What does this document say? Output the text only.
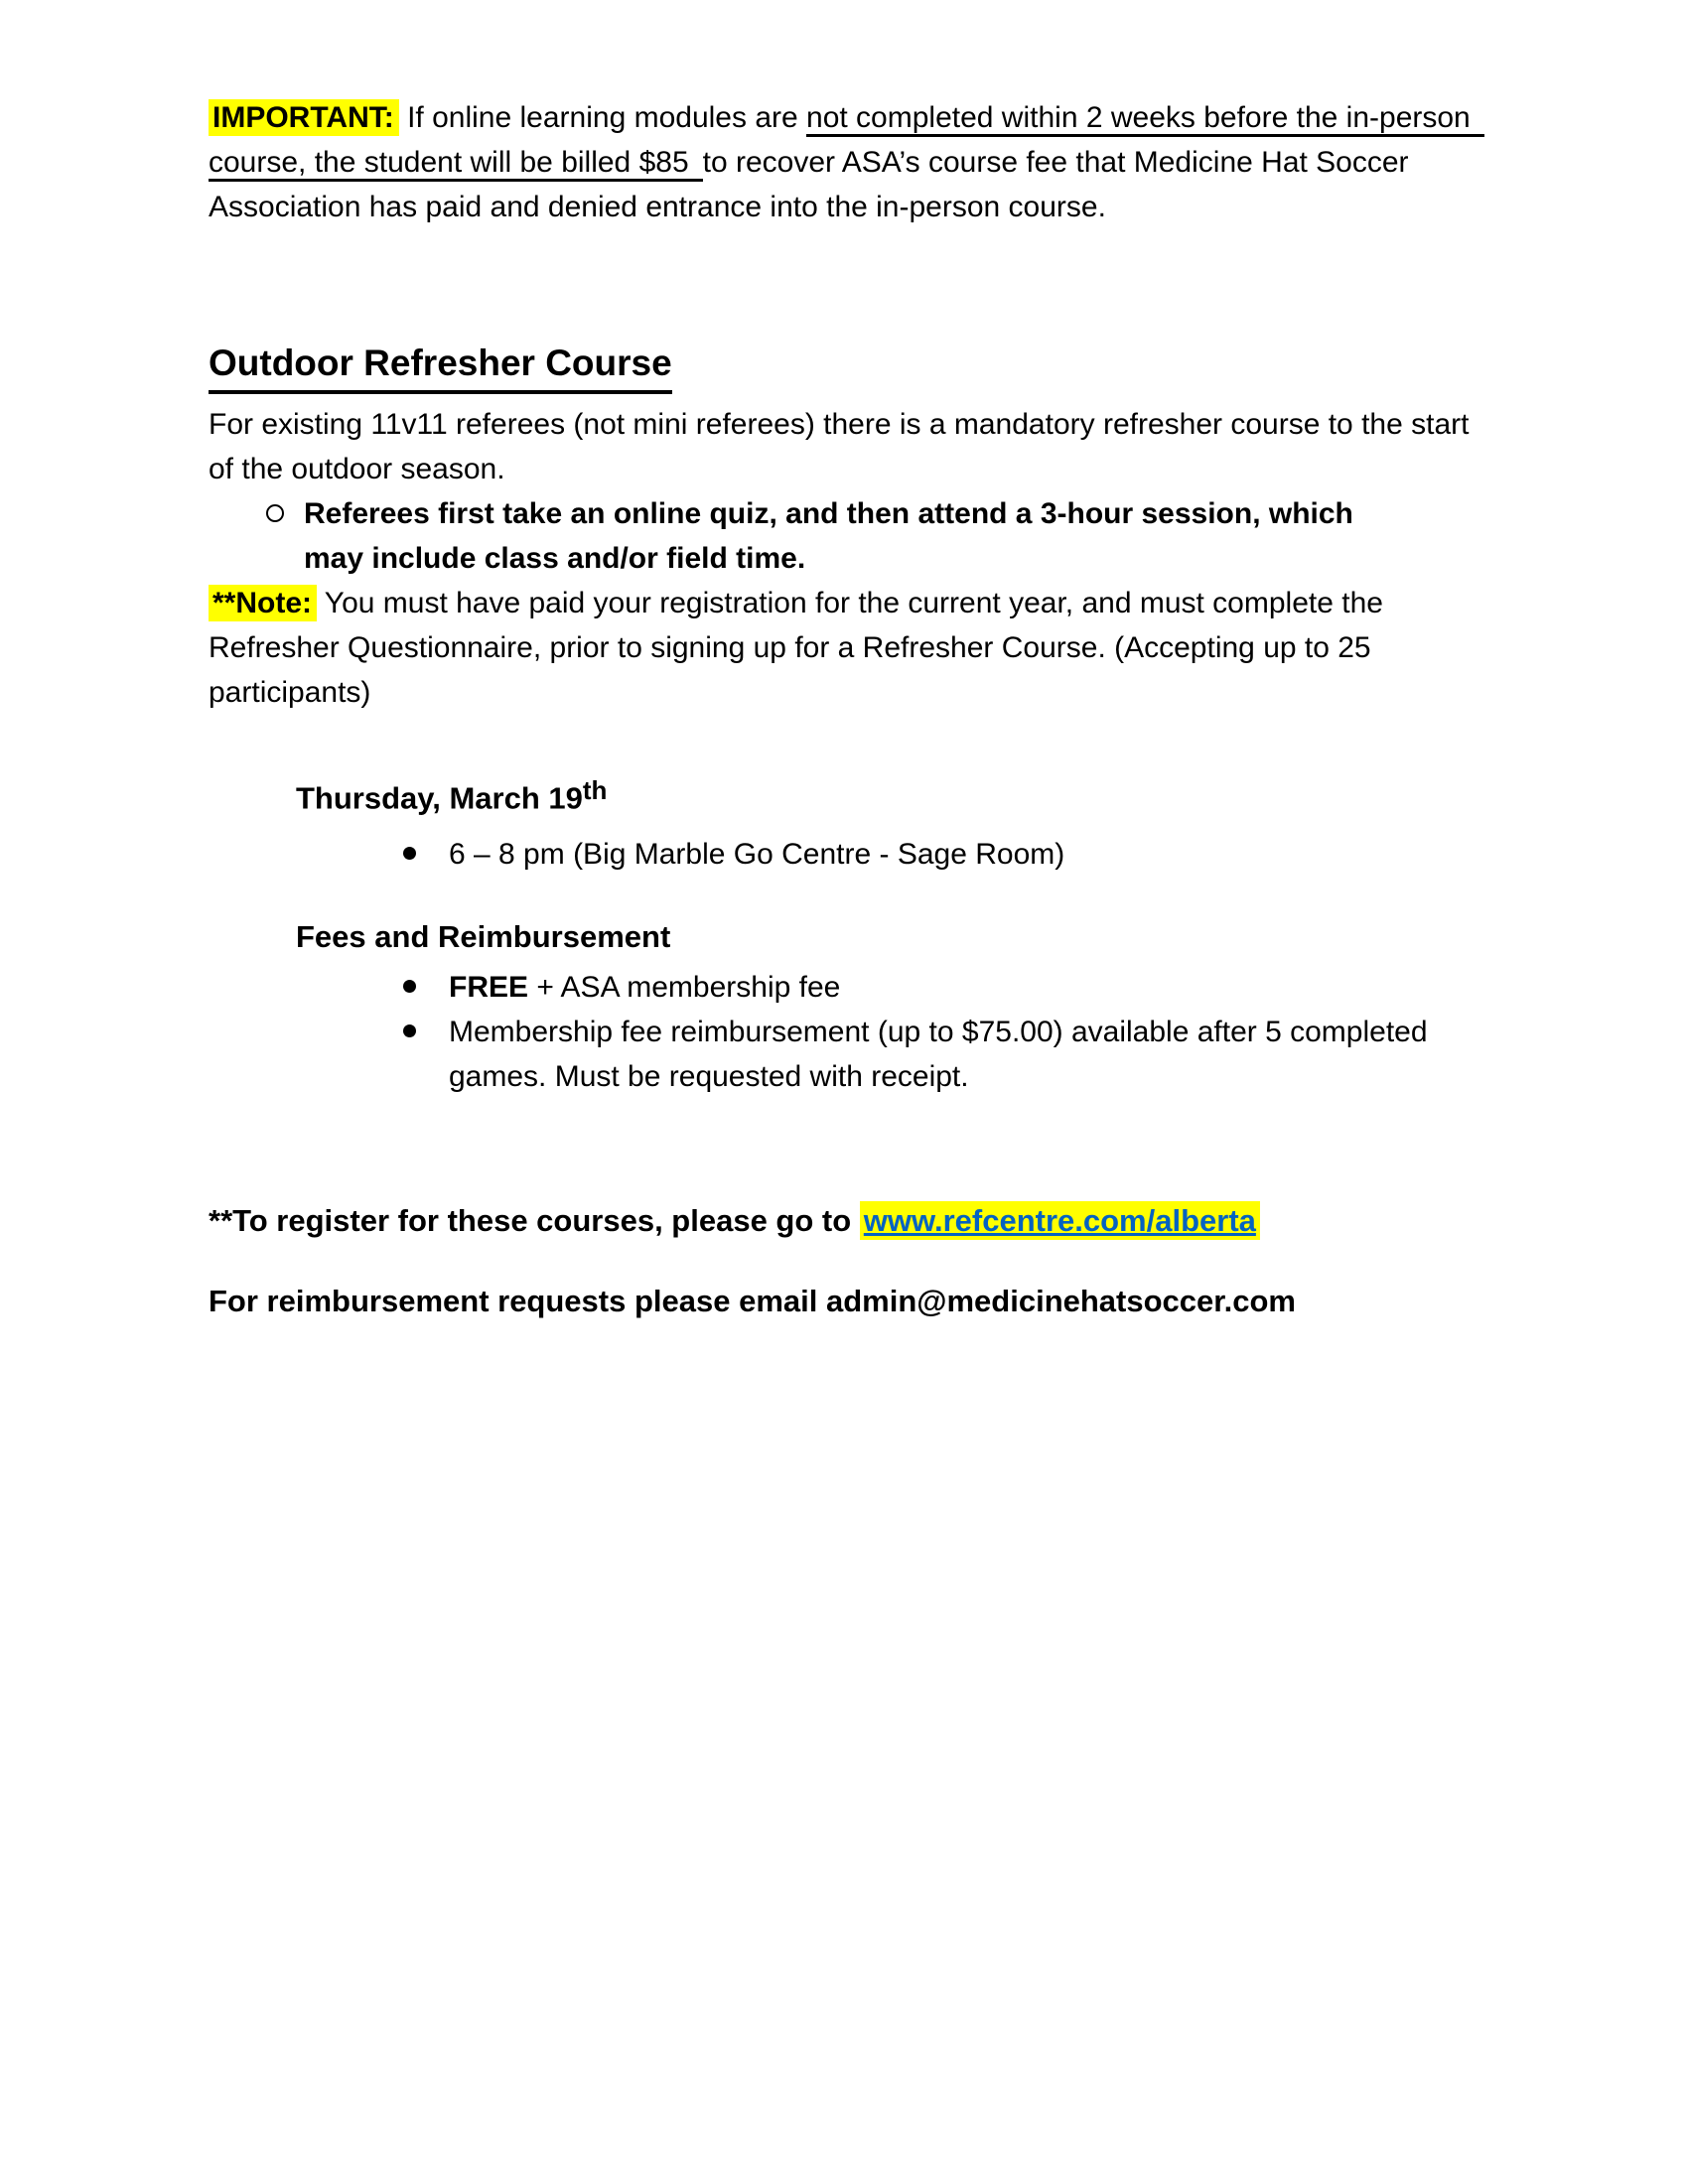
IMPORTANT: If online learning modules are not completed within 2 weeks before the in-person
course, the student will be billed $85 to recover ASA’s course fee that Medicine Hat Soccer
Association has paid and denied entrance into the in-person course.

Outdoor Refresher Course

For existing 11v11 referees (not mini referees) there is a mandatory refresher course to the start
of the outdoor season.

Referees first take an online quiz, and then attend a 3-hour session, which
may include class and/or field time.

**Note: You must have paid your registration for the current year, and must complete the
Refresher Questionnaire, prior to signing up for a Refresher Course. (Accepting up to 25
participants)

Thursday, March 19th

6 – 8 pm (Big Marble Go Centre - Sage Room)

Fees and Reimbursement

FREE + ASA membership fee
Membership fee reimbursement (up to $75.00) available after 5 completed
games. Must be requested with receipt.

**To register for these courses, please go to www.refcentre.com/alberta

For reimbursement requests please email admin@medicinehatsoccer.com
